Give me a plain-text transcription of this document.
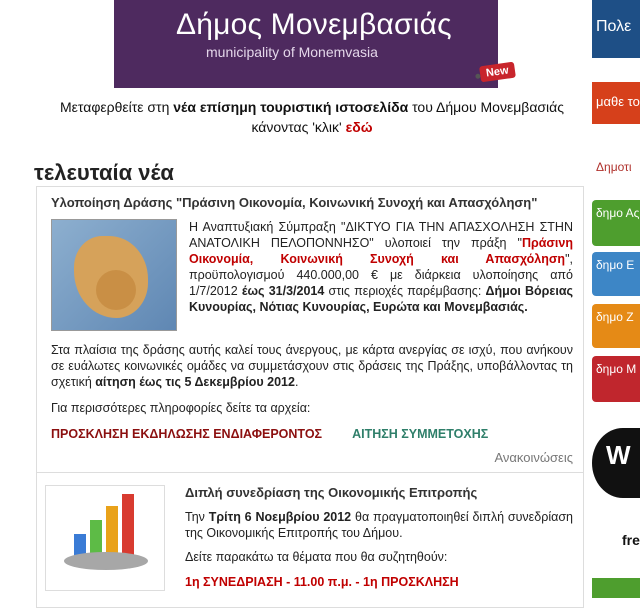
Δήμος Μονεμβασιάς
municipality of Monemvasia
New
Μεταφερθείτε στη νέα επίσημη τουριστική ιστοσελίδα του Δήμου Μονεμβασιάς κάνοντας 'κλικ' εδώ
τελευταία νέα
Υλοποίηση Δράσης "Πράσινη Οικονομία, Κοινωνική Συνοχή και Απασχόληση"
Η Αναπτυξιακή Σύμπραξη "ΔΙΚΤΥΟ ΓΙΑ ΤΗΝ ΑΠΑΣΧΟΛΗΣΗ ΣΤΗΝ ΑΝΑΤΟΛΙΚΗ ΠΕΛΟΠΟΝΝΗΣΟ" υλοποιεί την πράξη "Πράσινη Οικονομία, Κοινωνική Συνοχή και Απασχόληση", προϋπολογισμού 440.000,00 € με διάρκεια υλοποίησης από 1/7/2012 έως 31/3/2014 στις περιοχές παρέμβασης: Δήμοι Βόρειας Κυνουρίας, Νότιας Κυνουρίας, Ευρώτα και Μονεμβασιάς.
Στα πλαίσια της δράσης αυτής καλεί τους άνεργους, με κάρτα ανεργίας σε ισχύ, που ανήκουν σε ευάλωτες κοινωνικές ομάδες να συμμετάσχουν στις δράσεις της Πράξης, υποβάλλοντας τη σχετική αίτηση έως τις 5 Δεκεμβρίου 2012.
Για περισσότερες πληροφορίες δείτε τα αρχεία:
ΠΡΟΣΚΛΗΣΗ ΕΚΔΗΛΩΣΗΣ ΕΝΔΙΑΦΕΡΟΝΤΟΣ ΑΙΤΗΣΗ ΣΥΜΜΕΤΟΧΗΣ
Ανακοινώσεις
Διπλή συνεδρίαση της Οικονομικής Επιτροπής
Την Τρίτη 6 Νοεμβρίου 2012 θα πραγματοποιηθεί διπλή συνεδρίαση της Οικονομικής Επιτροπής του Δήμου.
Δείτε παρακάτω τα θέματα που θα συζητηθούν:
1η ΣΥΝΕΔΡΙΑΣΗ - 11.00 π.μ. - 1η ΠΡΟΣΚΛΗΣΗ
Πολε
μαθε το
Δημοτι
δημο Ας
δημο Ε
δημο Ζ
δημο Μ
W
fre
